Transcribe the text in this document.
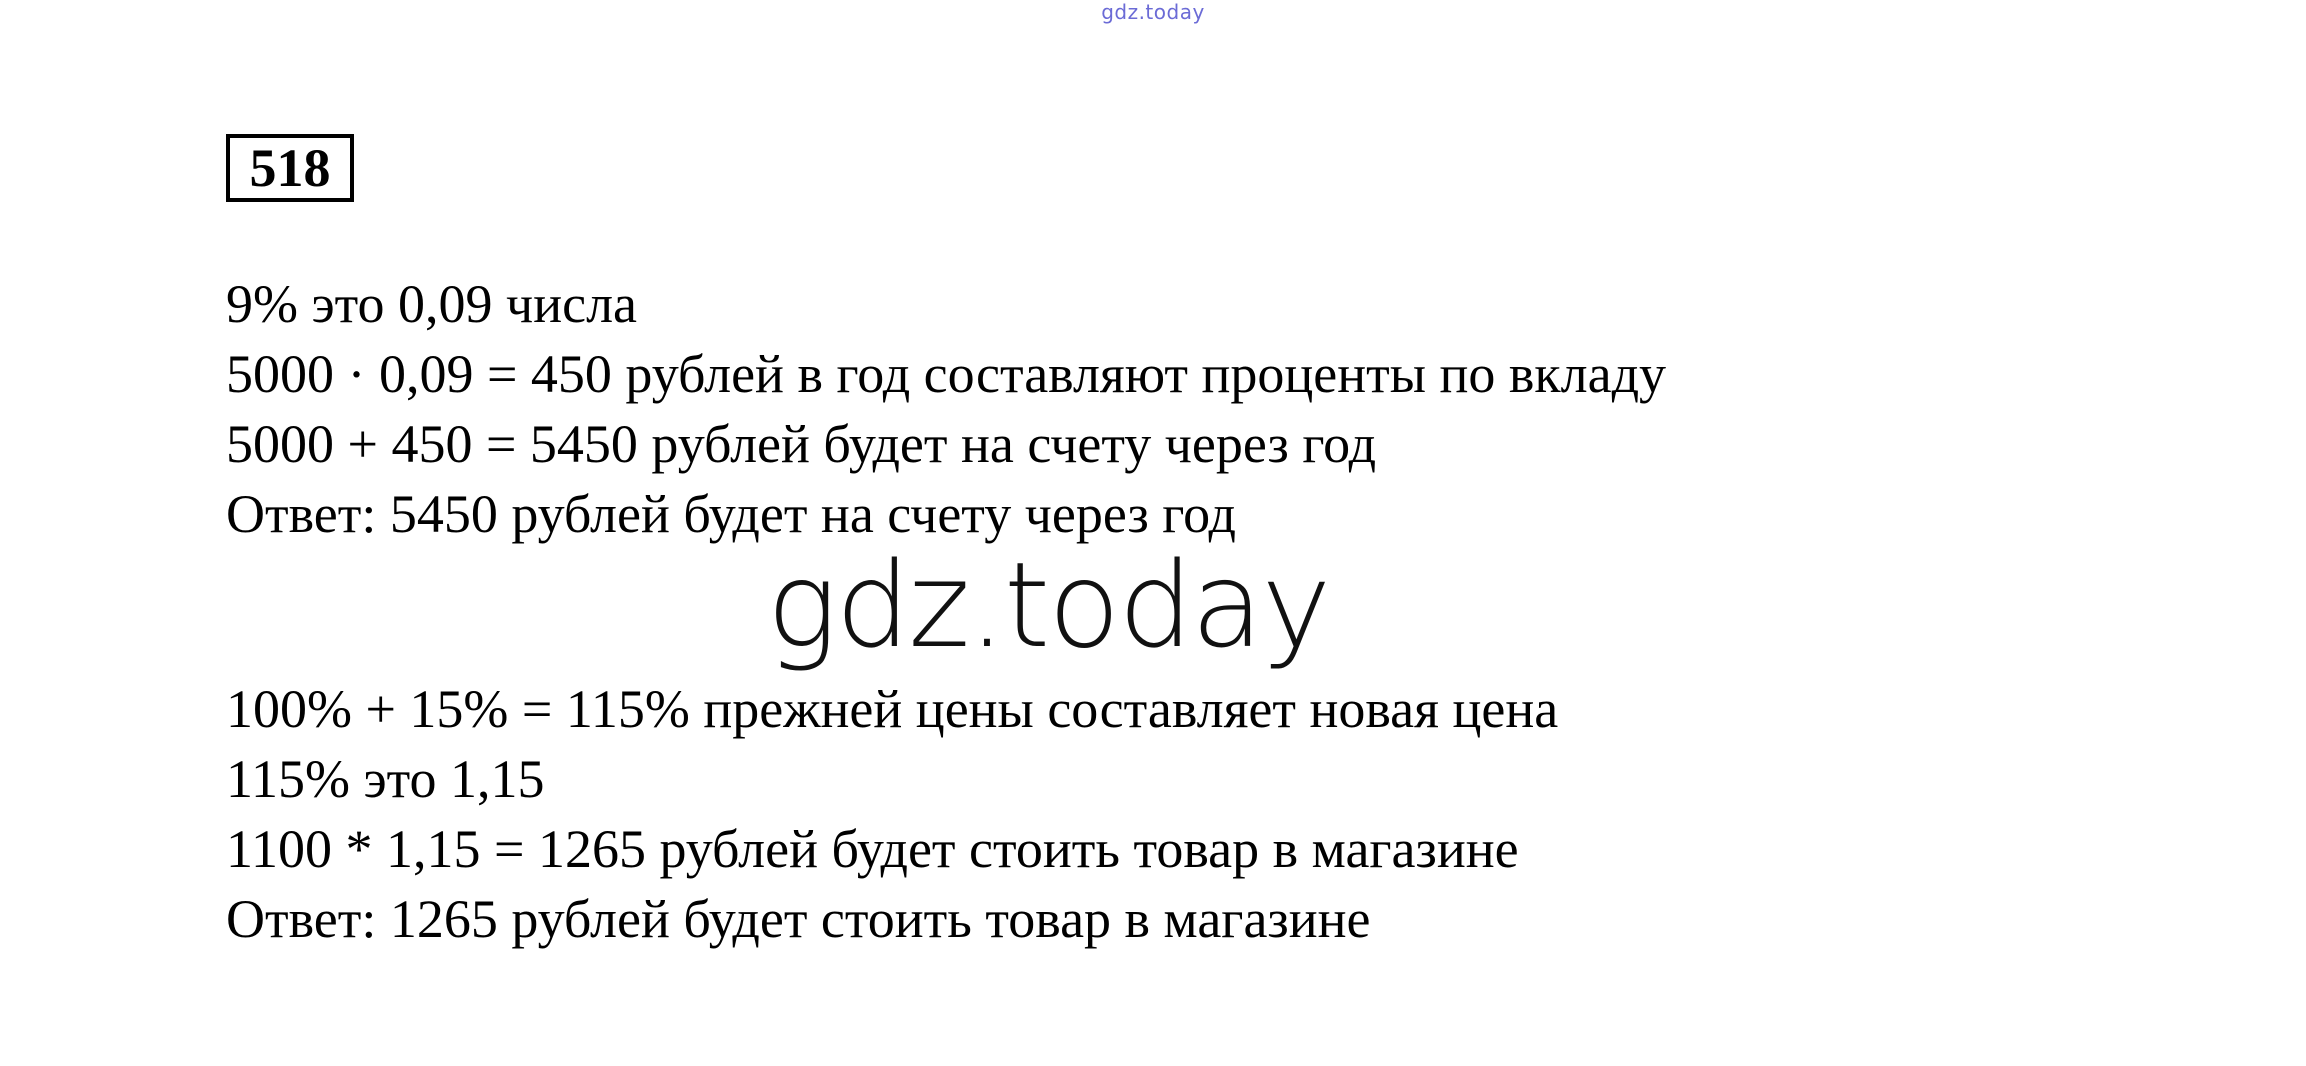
gdz.today
518
9% это 0,09 числа
5000 · 0,09 = 450 рублей в год составляют проценты по вкладу
5000 + 450 = 5450 рублей будет на счету через год
Ответ: 5450 рублей будет на счету через год
gdz.today
100% + 15% = 115% прежней цены составляет новая цена
115% это 1,15
1100 * 1,15 = 1265 рублей будет стоить товар в магазине
Ответ: 1265 рублей будет стоить товар в магазине
